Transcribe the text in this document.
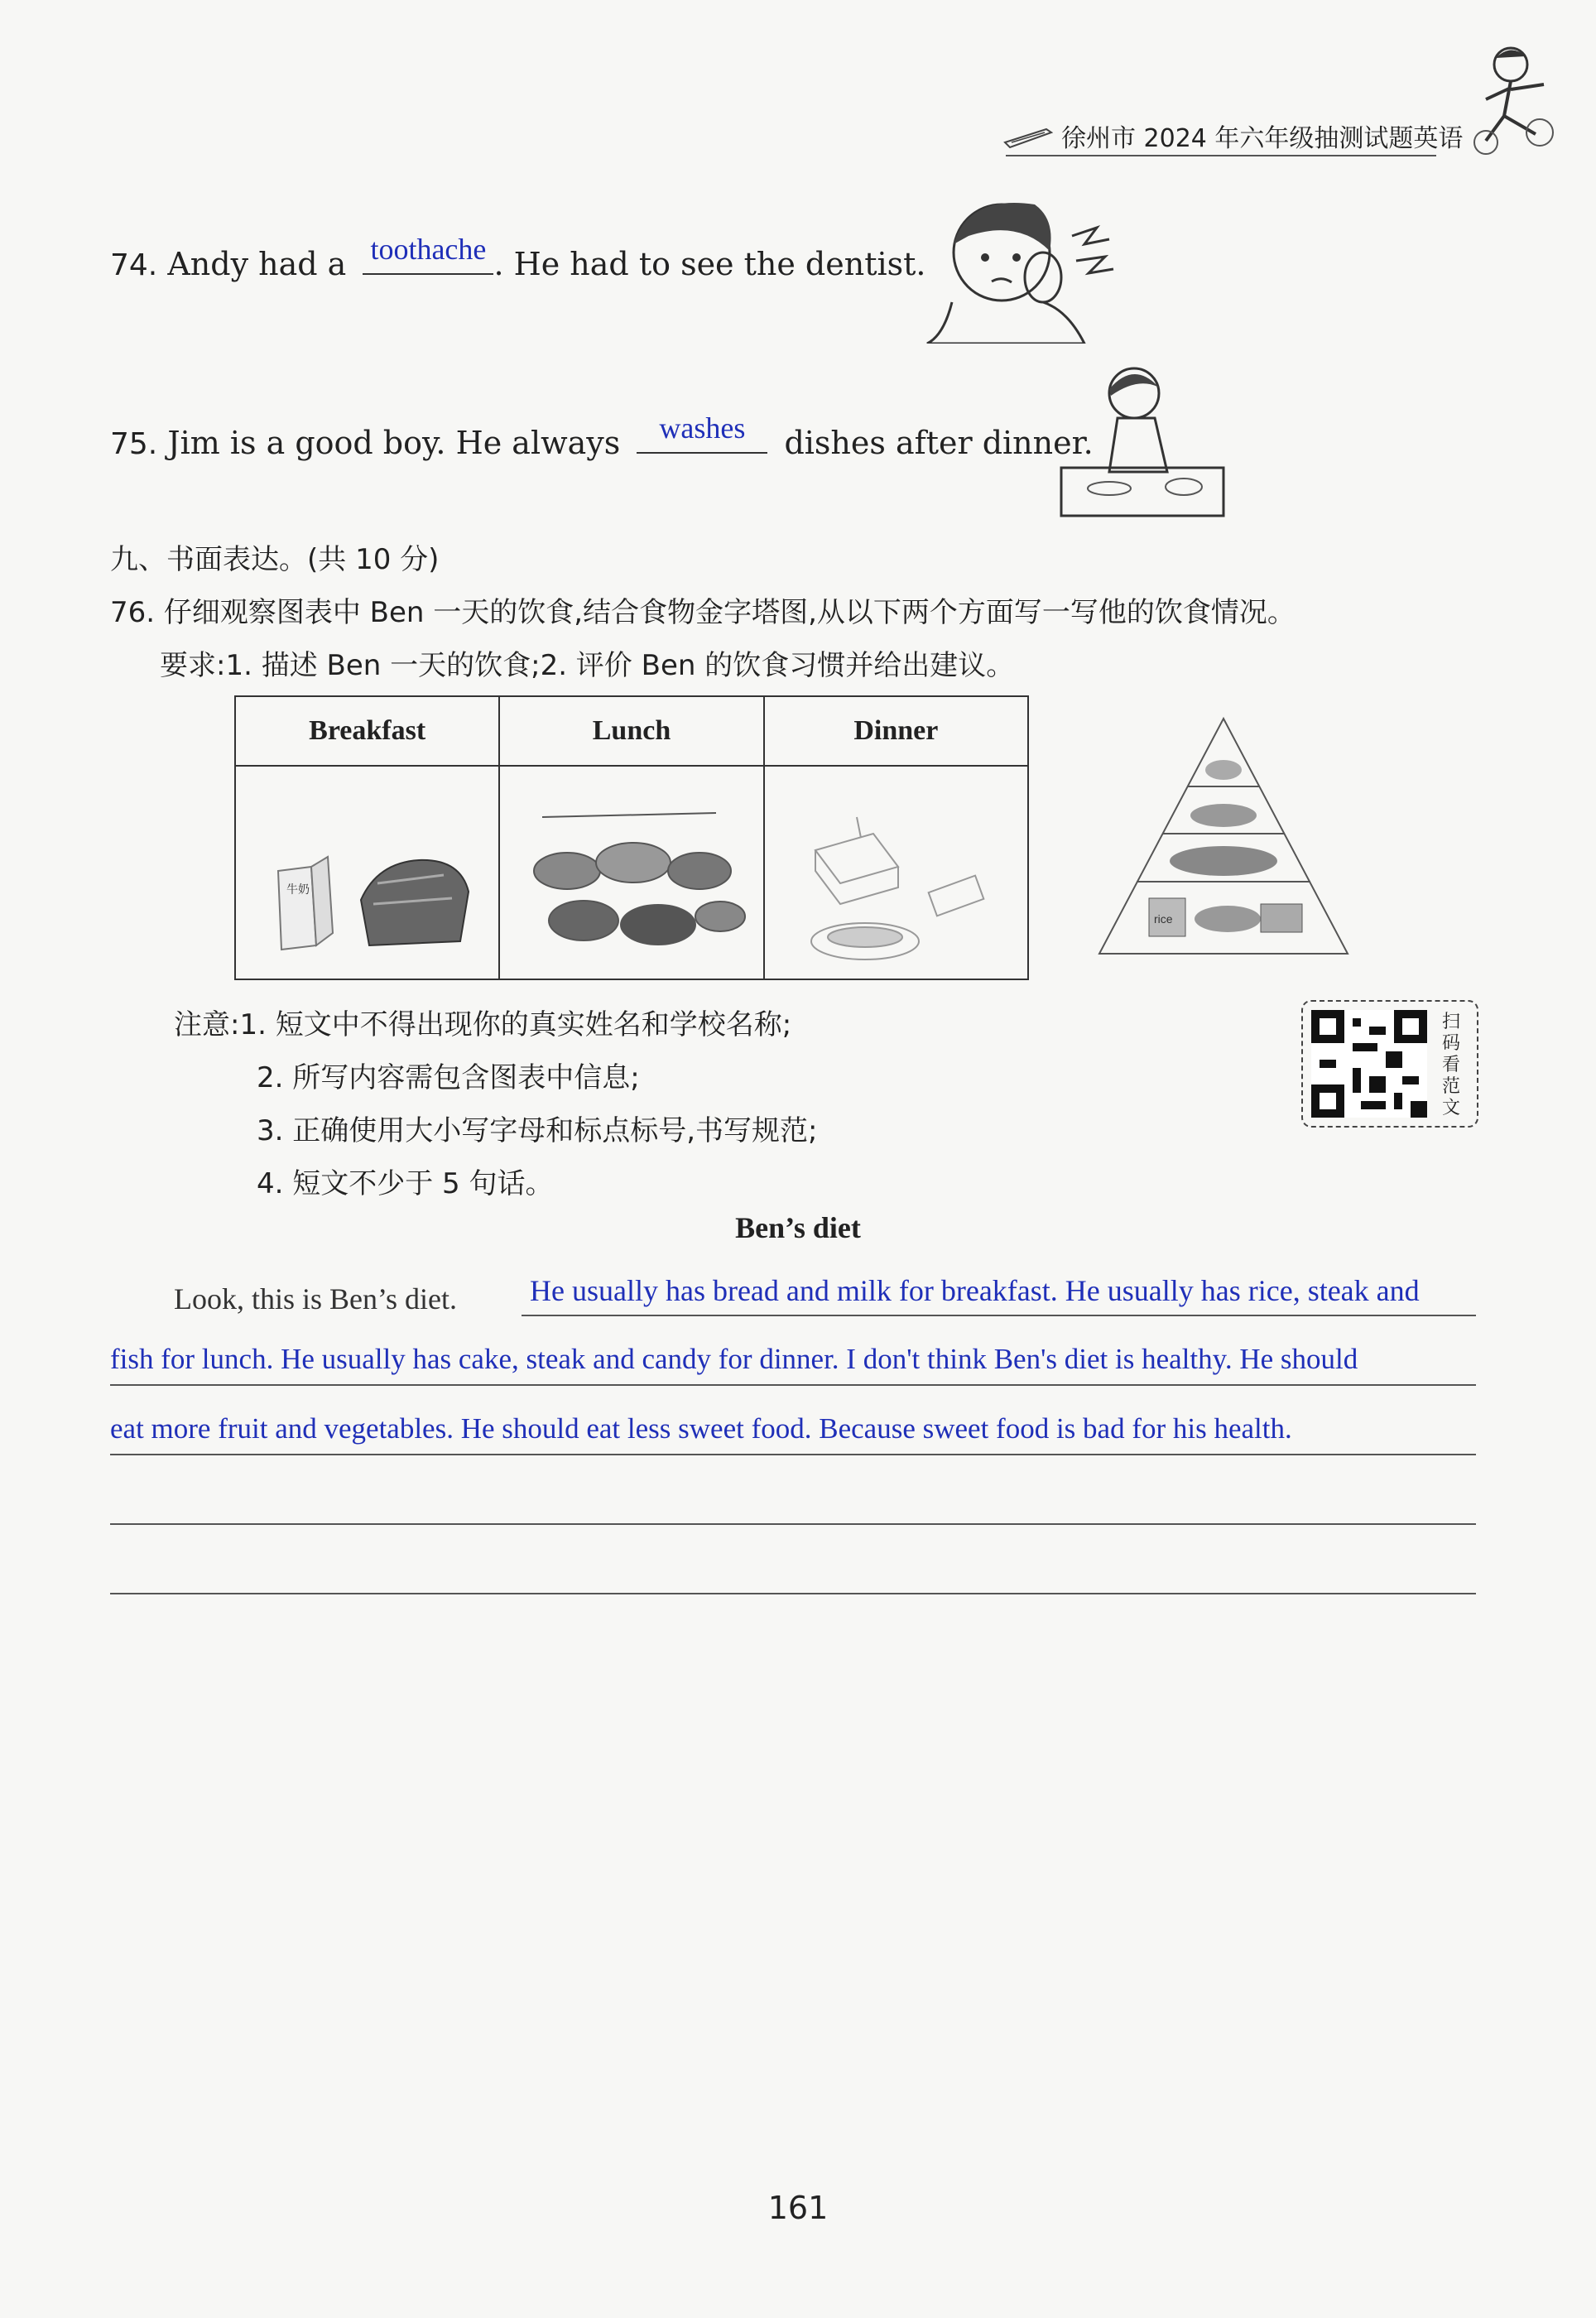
徐州市 2024 年六年级抽测试题英语
74. Andy had a toothache . He had to see the dentist.
75. Jim is a good boy. He always	washes	dishes after dinner.
九、书面表达。(共 10 分)
76. 仔细观察图表中 Ben 一天的饮食,结合食物金字塔图,从以下两个方面写一写他的饮食情况。
要求:1. 描述 Ben 一天的饮食;2. 评价 Ben 的饮食习惯并给出建议。
Breakfast	Lunch	Dinner

牛奶

rice
注意:1. 短文中不得出现你的真实姓名和学校名称;
2. 所写内容需包含图表中信息;
3. 正确使用大小写字母和标点标号,书写规范;
4. 短文不少于 5 句话。
扫码看范文
Ben’s diet
Look, this is Ben’s diet. He usually has bread and milk for breakfast. He usually has rice, steak and
fish for lunch. He usually has cake, steak and candy for dinner. I don't think Ben's diet is healthy. He should
eat more fruit and vegetables. He should eat less sweet food. Because sweet food is bad for his health.
161
